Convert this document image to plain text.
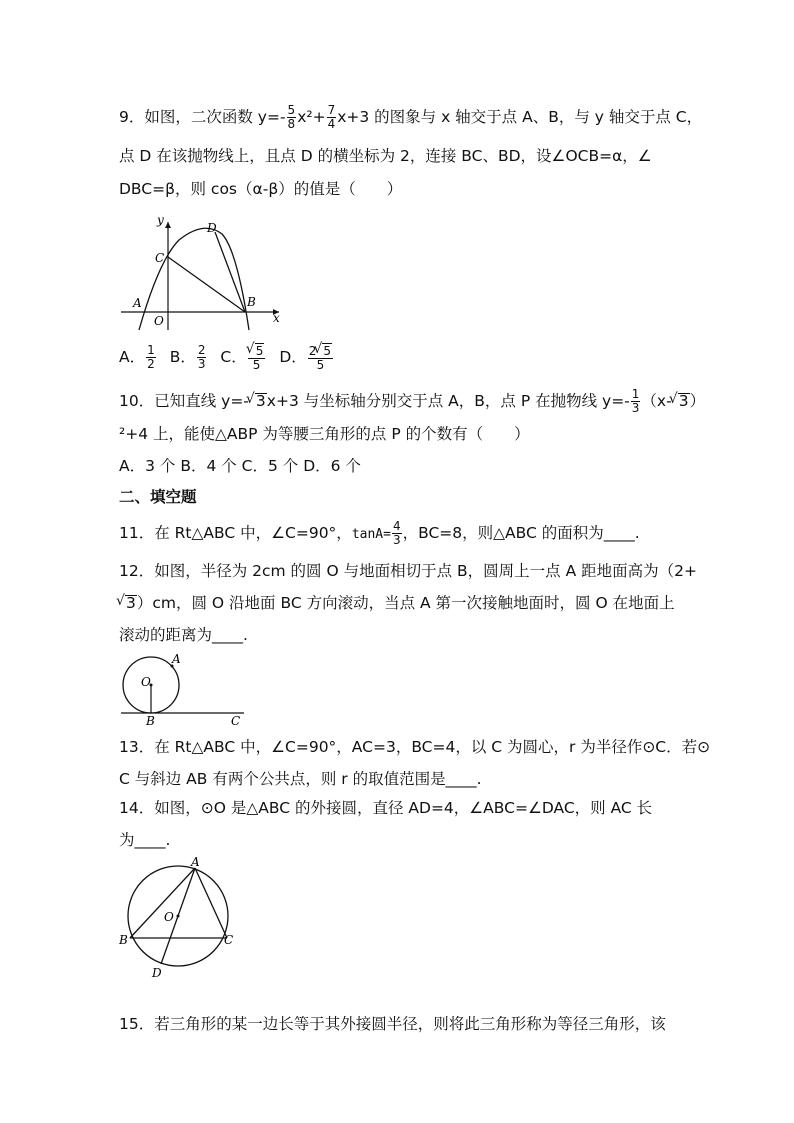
9．如图，二次函数 $y=- \frac{5}{8} x^2+ \frac{7}{4} x+3$ 的图象与 x 轴交于点 A、B，与 y 轴交于点 C，
点 D 在该抛物线上，且点 D 的横坐标为 2，连接 BC、BD，设∠OCB=α，∠
DBC=β，则 cos（α-β）的值是（　　）
y
x
A	B
C
D
O
A． $\frac{1}{2}$ B． $\frac{2}{3}$ C．
√ $\frac{5}{5}$ D． $\frac{2√ 5}{5}$
10．已知直线 y=-√ 3x+3 与坐标轴分别交于点 A，B，点 P 在抛物线 $y=- \frac{1}{3} (x-√$ 3）
²+4 上，能使△ABP 为等腰三角形的点 P 的个数有（　　）
A．3 个 B．4 个 C．5 个 D．6 个
二、填空题
11．在 Rt△ABC 中，∠C=90°，$\tan A= \frac{4}{3}$ ，BC=8，则△ABC 的面积为____.
12．如图，半径为 2cm 的圆 O 与地面相切于点 B，圆周上一点 A 距地面高为（2+
√ 3）cm，圆 O 沿地面 BC 方向滚动，当点 A 第一次接触地面时，圆 O 在地面上
滚动的距离为____.
A
O
B	C
13．在 Rt△ABC 中，∠C=90°，AC=3，BC=4，以 C 为圆心，r 为半径作⊙C．若⊙
C 与斜边 AB 有两个公共点，则 r 的取值范围是____.
14．如图，⊙O 是△ABC 的外接圆，直径 AD=4，∠ABC=∠DAC，则 AC 长
为____.
A
B	C
D
O
15．若三角形的某一边长等于其外接圆半径，则将此三角形称为等径三角形，该
